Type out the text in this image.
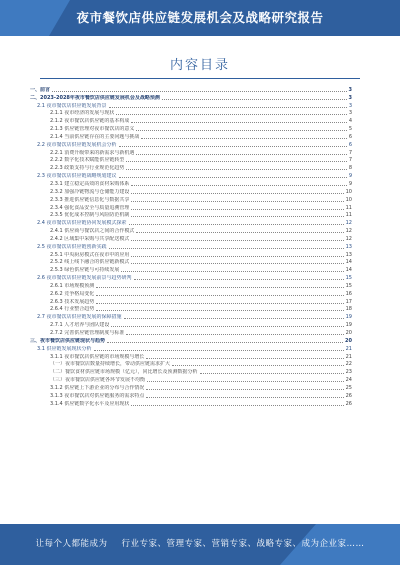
夜市餐饮店供应链发展机会及战略研究报告
内容目录
一、前言	3
二、2023-2028年夜市餐饮店供应链发展机会及战略预测	3
2.1 夜市餐饮店供应链发展背景	3
2.1.1 夜市经济的发展与现状	3
2.1.2 夜市餐饮店供应链的基本构成	4
2.1.3 供应链管理对夜市餐饮店的意义	5
2.1.4 当前供应链存在的主要问题与挑战	6
2.2 夜市餐饮店供应链发展机会分析	6
2.2.1 消费升级带来的新需求与新机遇	7
2.2.2 数字化技术赋能供应链转型	7
2.2.3 政策支持与行业规范化趋势	8
2.3 夜市餐饮店供应链战略规划建议	9
2.3.1 建立稳定高效的食材采购体系	9
2.3.2 加强冷链物流与仓储能力建设	10
2.3.3 推进供应链信息化与数据共享	10
2.3.4 强化食品安全与质量追溯管理	11
2.3.5 优化成本控制与风险防范机制	11
2.4 夜市餐饮店供应链协同发展模式探索	12
2.4.1 供应商与餐饮店之间的合作模式	12
2.4.2 区域集中采购与共享配送模式	12
2.5 夜市餐饮店供应链创新实践	13
2.5.1 中央厨房模式在夜市中的应用	13
2.5.2 线上线下融合的供应链新模式	14
2.5.3 绿色供应链与可持续发展	14
2.6 夜市餐饮店供应链发展前景与趋势研判	15
2.6.1 市场规模预测	15
2.6.2 竞争格局变化	16
2.6.3 技术发展趋势	17
2.6.4 行业整合趋势	18
2.7 夜市餐饮店供应链发展的保障措施	19
2.7.1 人才培养与团队建设	19
2.7.2 完善供应链管理制度与标准	20
三、夜市餐饮店供应链现状与趋势	20
3.1 供应链发展现状分析	21
3.1.1 夜市餐饮店供应链的市场规模与增长	21
（一）夜市餐饮店数量持续增长，带动供应链需求扩大	22
（二）餐饮食材供应链市场规模（亿元），同比增长及预测数据分析	23
（三）夜市餐饮店供应链各环节发展不均衡	24
3.1.2 供应链上下游企业的分布与合作情况	25
3.1.3 夜市餐饮店对供应链服务的需求特点	26
3.1.4 供应链数字化水平及应用现状	26
让每个人都能成为 行业专家、管理专家、营销专家、战略专家、成为企业家……
